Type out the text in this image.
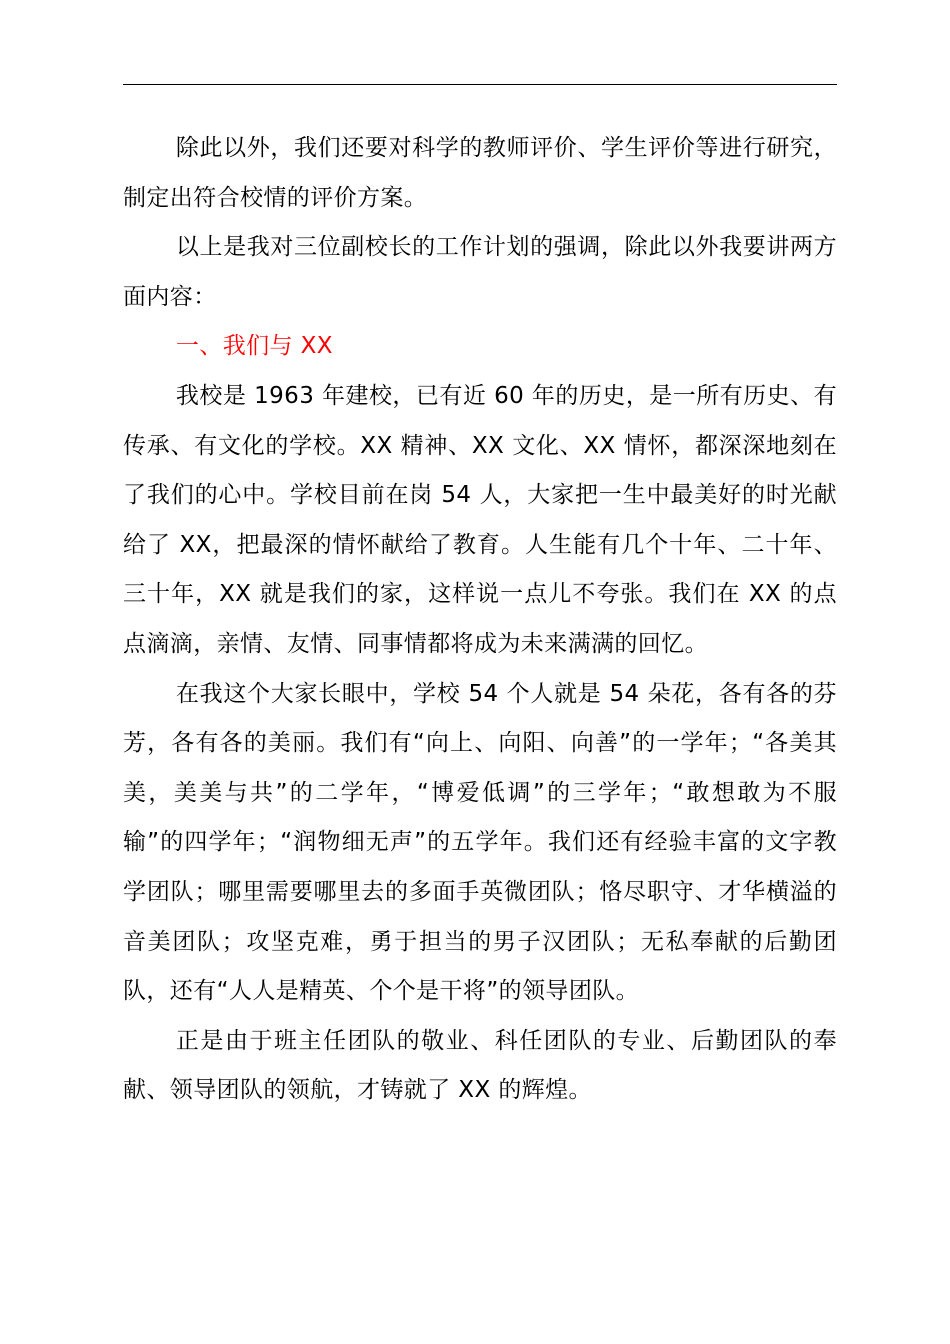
除此以外，我们还要对科学的教师评价、学生评价等进行研究，制定出符合校情的评价方案。

以上是我对三位副校长的工作计划的强调，除此以外我要讲两方面内容：

一、我们与 XX

我校是 1963 年建校，已有近 60 年的历史，是一所有历史、有传承、有文化的学校。XX 精神、XX 文化、XX 情怀，都深深地刻在了我们的心中。学校目前在岗 54 人，大家把一生中最美好的时光献给了 XX，把最深的情怀献给了教育。人生能有几个十年、二十年、三十年，XX 就是我们的家，这样说一点儿不夸张。我们在 XX 的点点滴滴，亲情、友情、同事情都将成为未来满满的回忆。

在我这个大家长眼中，学校 54 个人就是 54 朵花，各有各的芬芳，各有各的美丽。我们有“向上、向阳、向善”的一学年；“各美其美，美美与共”的二学年，“博爱低调”的三学年；“敢想敢为不服输”的四学年；“润物细无声”的五学年。我们还有经验丰富的文字教学团队；哪里需要哪里去的多面手英微团队；恪尽职守、才华横溢的音美团队；攻坚克难，勇于担当的男子汉团队；无私奉献的后勤团队，还有“人人是精英、个个是干将”的领导团队。

正是由于班主任团队的敬业、科任团队的专业、后勤团队的奉献、领导团队的领航，才铸就了 XX 的辉煌。
